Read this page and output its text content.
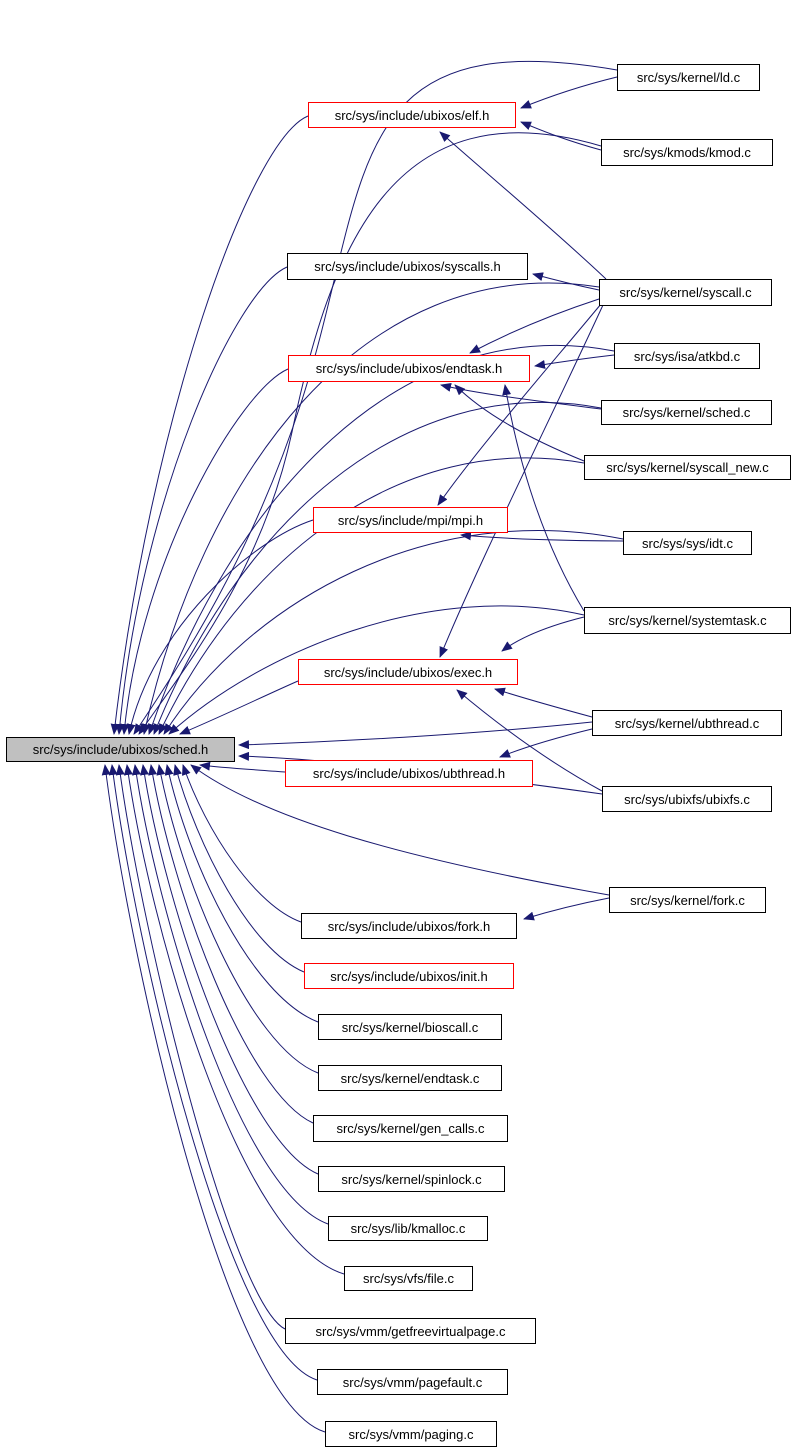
src/sys/include/ubixos/sched.h
src/sys/include/ubixos/elf.h
src/sys/kernel/ld.c
src/sys/kmods/kmod.c
src/sys/include/ubixos/syscalls.h
src/sys/kernel/syscall.c
src/sys/isa/atkbd.c
src/sys/include/ubixos/endtask.h
src/sys/kernel/sched.c
src/sys/kernel/syscall_new.c
src/sys/include/mpi/mpi.h
src/sys/sys/idt.c
src/sys/kernel/systemtask.c
src/sys/include/ubixos/exec.h
src/sys/kernel/ubthread.c
src/sys/include/ubixos/ubthread.h
src/sys/ubixfs/ubixfs.c
src/sys/kernel/fork.c
src/sys/include/ubixos/fork.h
src/sys/include/ubixos/init.h
src/sys/kernel/bioscall.c
src/sys/kernel/endtask.c
src/sys/kernel/gen_calls.c
src/sys/kernel/spinlock.c
src/sys/lib/kmalloc.c
src/sys/vfs/file.c
src/sys/vmm/getfreevirtualpage.c
src/sys/vmm/pagefault.c
src/sys/vmm/paging.c
